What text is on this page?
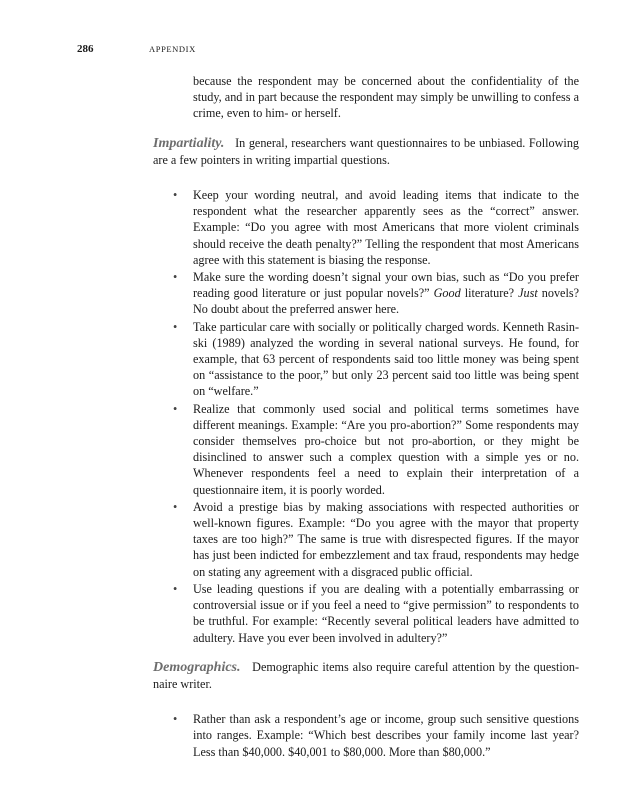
286	APPENDIX

because the respondent may be concerned about the confidentiality of the study, and in part because the respondent may simply be unwilling to confess a crime, even to him- or herself.

Impartiality. In general, researchers want questionnaires to be unbiased. Following are a few pointers in writing impartial questions.

• Keep your wording neutral, and avoid leading items that indicate to the respondent what the researcher apparently sees as the “correct” answer. Example: “Do you agree with most Americans that more violent criminals should receive the death penalty?” Telling the respondent that most Americans agree with this statement is biasing the response.
• Make sure the wording doesn’t signal your own bias, such as “Do you prefer reading good literature or just popular novels?” Good literature? Just novels? No doubt about the preferred answer here.
• Take particular care with socially or politically charged words. Kenneth Rasinski (1989) analyzed the wording in several national surveys. He found, for example, that 63 percent of respondents said too little money was being spent on “assistance to the poor,” but only 23 percent said too little was being spent on “welfare.”
• Realize that commonly used social and political terms sometimes have different meanings. Example: “Are you pro-abortion?” Some respondents may consider themselves pro-choice but not pro-abortion, or they might be disinclined to answer such a complex question with a simple yes or no. Whenever respondents feel a need to explain their interpretation of a questionnaire item, it is poorly worded.
• Avoid a prestige bias by making associations with respected authorities or well-known figures. Example: “Do you agree with the mayor that property taxes are too high?” The same is true with disrespected figures. If the mayor has just been indicted for embezzlement and tax fraud, respondents may hedge on stating any agreement with a disgraced public official.
• Use leading questions if you are dealing with a potentially embarrassing or controversial issue or if you feel a need to “give permission” to respondents to be truthful. For example: “Recently several political leaders have admitted to adultery. Have you ever been involved in adultery?”

Demographics. Demographic items also require careful attention by the questionnaire writer.

• Rather than ask a respondent’s age or income, group such sensitive questions into ranges. Example: “Which best describes your family income last year? Less than $40,000. $40,001 to $80,000. More than $80,000.”
